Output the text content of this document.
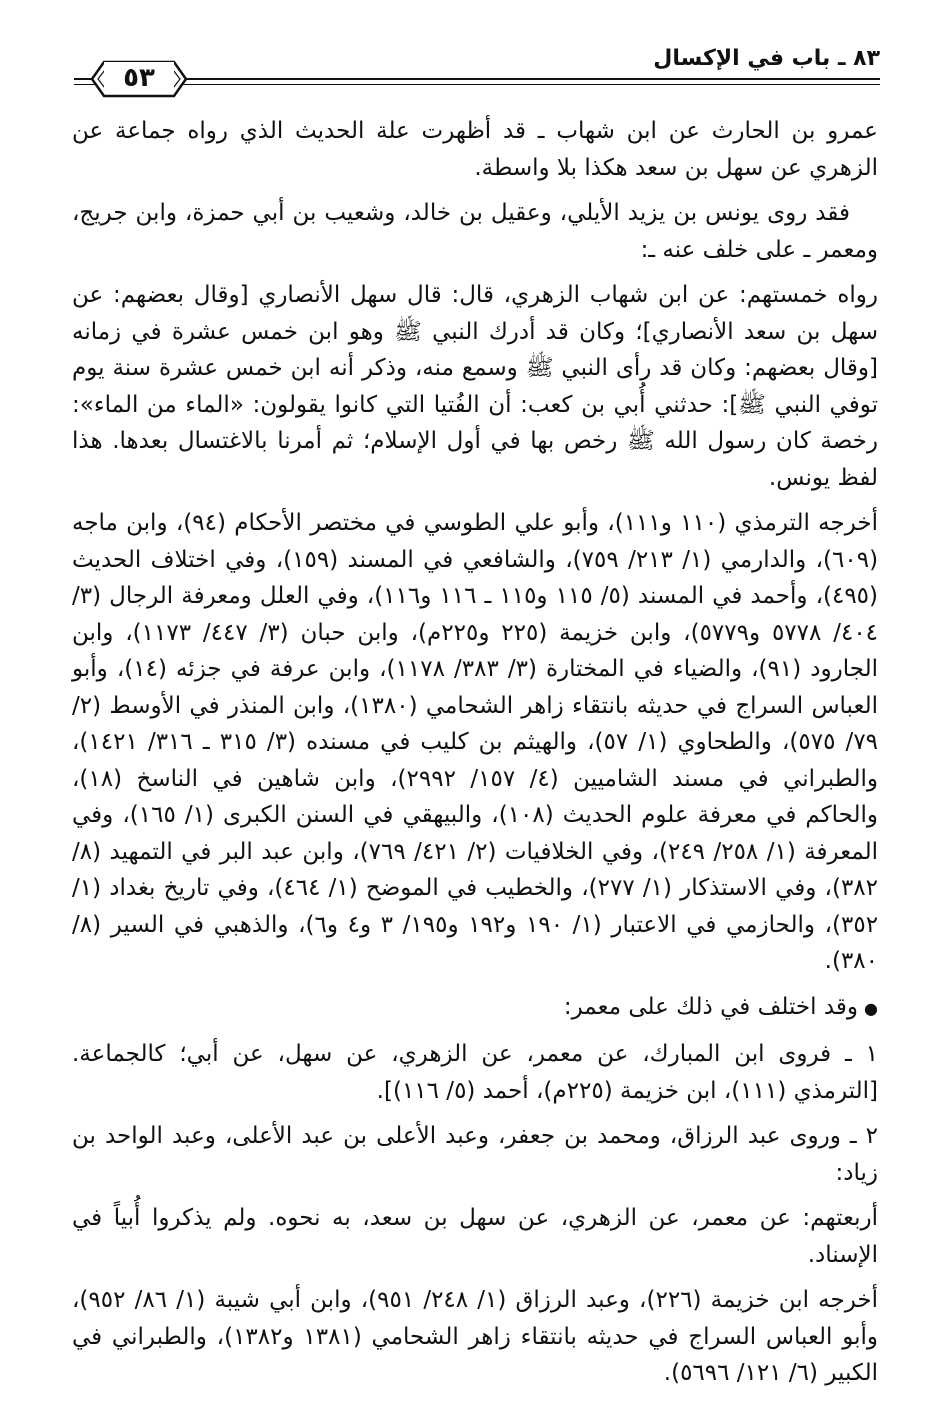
٨٣ ـ باب في الإكسال
٥٣

عمرو بن الحارث عن ابن شهاب ـ قد أظهرت علة الحديث الذي رواه جماعة عن الزهري عن سهل بن سعد هكذا بلا واسطة.

فقد روى يونس بن يزيد الأيلي، وعقيل بن خالد، وشعيب بن أبي حمزة، وابن جريج، ومعمر ـ على خلف عنه ـ:

رواه خمستهم: عن ابن شهاب الزهري، قال: قال سهل الأنصاري [وقال بعضهم: عن سهل بن سعد الأنصاري]؛ وكان قد أدرك النبي ﷺ وهو ابن خمس عشرة في زمانه [وقال بعضهم: وكان قد رأى النبي ﷺ وسمع منه، وذكر أنه ابن خمس عشرة سنة يوم توفي النبي ﷺ]: حدثني أُبي بن كعب: أن الفُتيا التي كانوا يقولون: «الماء من الماء»: رخصة كان رسول الله ﷺ رخص بها في أول الإسلام؛ ثم أمرنا بالاغتسال بعدها. هذا لفظ يونس.

أخرجه الترمذي (١١٠ و١١١)، وأبو علي الطوسي في مختصر الأحكام (٩٤)، وابن ماجه (٦٠٩)، والدارمي (١/ ٢١٣/ ٧٥٩)، والشافعي في المسند (١٥٩)، وفي اختلاف الحديث (٤٩٥)، وأحمد في المسند (٥/ ١١٥ و١١٥ ـ ١١٦ و١١٦)، وفي العلل ومعرفة الرجال (٣/ ٤٠٤/ ٥٧٧٨ و٥٧٧٩)، وابن خزيمة (٢٢٥ و٢٢٥م)، وابن حبان (٣/ ٤٤٧/ ١١٧٣)، وابن الجارود (٩١)، والضياء في المختارة (٣/ ٣٨٣/ ١١٧٨)، وابن عرفة في جزئه (١٤)، وأبو العباس السراج في حديثه بانتقاء زاهر الشحامي (١٣٨٠)، وابن المنذر في الأوسط (٢/ ٧٩/ ٥٧٥)، والطحاوي (١/ ٥٧)، والهيثم بن كليب في مسنده (٣/ ٣١٥ ـ ٣١٦/ ١٤٢١)، والطبراني في مسند الشاميين (٤/ ١٥٧/ ٢٩٩٢)، وابن شاهين في الناسخ (١٨)، والحاكم في معرفة علوم الحديث (١٠٨)، والبيهقي في السنن الكبرى (١/ ١٦٥)، وفي المعرفة (١/ ٢٥٨/ ٢٤٩)، وفي الخلافيات (٢/ ٤٢١/ ٧٦٩)، وابن عبد البر في التمهيد (٨/ ٣٨٢)، وفي الاستذكار (١/ ٢٧٧)، والخطيب في الموضح (١/ ٤٦٤)، وفي تاريخ بغداد (١/ ٣٥٢)، والحازمي في الاعتبار (١/ ١٩٠ و١٩٢ و١٩٥/ ٣ و٤ و٦)، والذهبي في السير (٨/ ٣٨٠).

●وقد اختلف في ذلك على معمر:

١ ـ فروى ابن المبارك، عن معمر، عن الزهري، عن سهل، عن أبي؛ كالجماعة. [الترمذي (١١١)، ابن خزيمة (٢٢٥م)، أحمد (٥/ ١١٦)].

٢ ـ وروى عبد الرزاق، ومحمد بن جعفر، وعبد الأعلى بن عبد الأعلى، وعبد الواحد بن زياد:

أربعتهم: عن معمر، عن الزهري، عن سهل بن سعد، به نحوه. ولم يذكروا أُبياً في الإسناد.

أخرجه ابن خزيمة (٢٢٦)، وعبد الرزاق (١/ ٢٤٨/ ٩٥١)، وابن أبي شيبة (١/ ٨٦/ ٩٥٢)، وأبو العباس السراج في حديثه بانتقاء زاهر الشحامي (١٣٨١ و١٣٨٢)، والطبراني في الكبير (٦/ ١٢١/ ٥٦٩٦).
